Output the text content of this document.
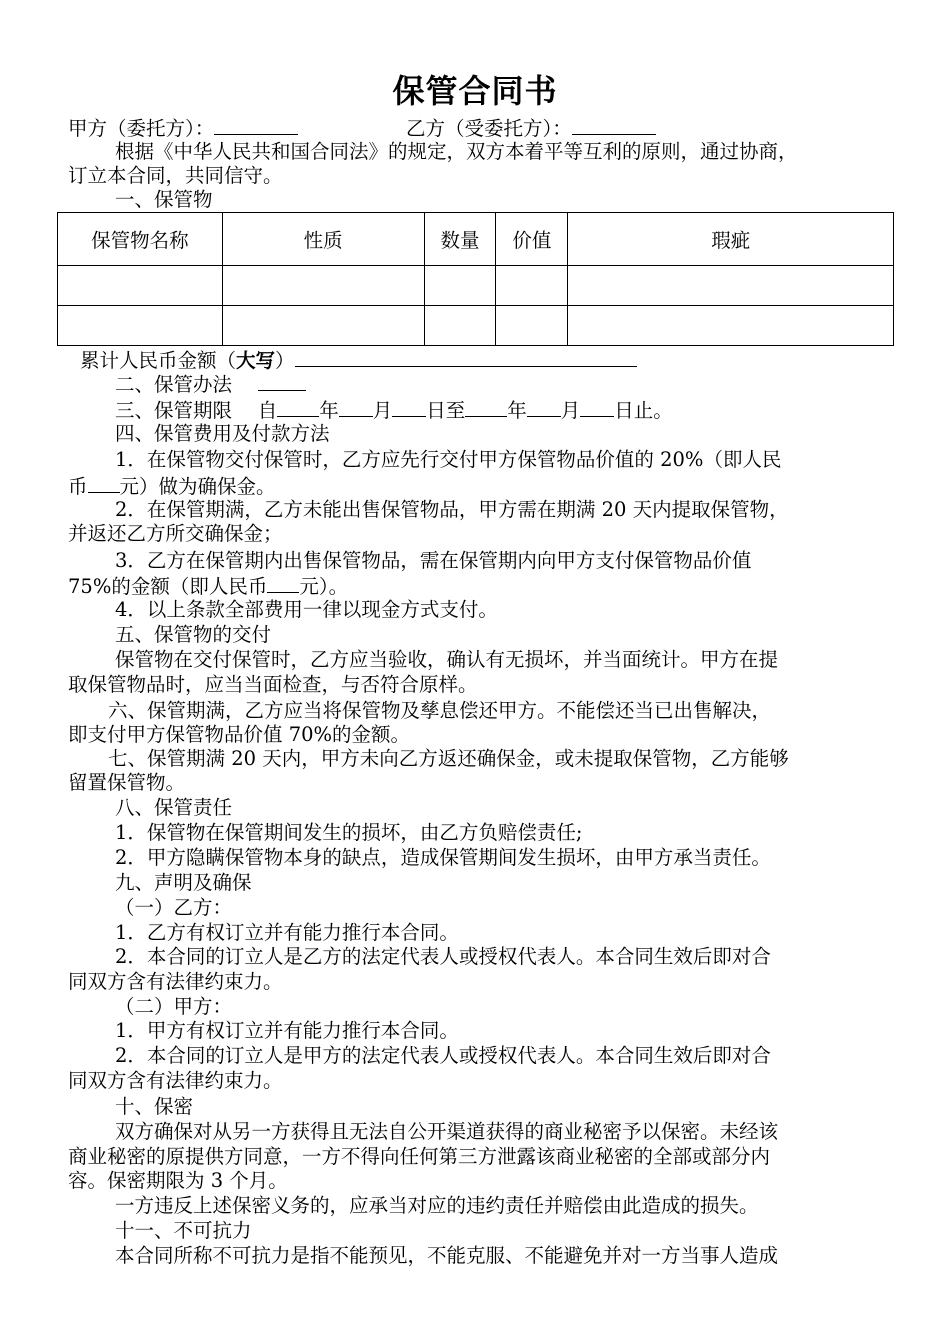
保管合同书
甲方（委托方）：	乙方（受委托方）：
根据《中华人民共和国合同法》的规定，双方本着平等互利的原则，通过协商，
订立本合同，共同信守。
一、保管物
保管物名称	性质	数量	价值	瑕疵

累计人民币金额（大写）
二、保管办法　
三、保管期限　 自 年 月 日至 年 月 日止。
四、保管费用及付款方法
1．在保管物交付保管时，乙方应先行交付甲方保管物品价值的 20%（即人民
币 元）做为确保金。
2．在保管期满，乙方未能出售保管物品，甲方需在期满 20 天内提取保管物，
并返还乙方所交确保金；
3．乙方在保管期内出售保管物品，需在保管期内向甲方支付保管物品价值
75%的金额（即人民币 元）。
4．以上条款全部费用一律以现金方式支付。
五、保管物的交付
保管物在交付保管时，乙方应当验收，确认有无损坏，并当面统计。甲方在提
取保管物品时，应当当面检查，与否符合原样。
六、保管期满，乙方应当将保管物及孳息偿还甲方。不能偿还当已出售解决，
即支付甲方保管物品价值 70%的金额。
七、保管期满 20 天内，甲方未向乙方返还确保金，或未提取保管物，乙方能够
留置保管物。
八、保管责任
1．保管物在保管期间发生的损坏，由乙方负赔偿责任;
2．甲方隐瞒保管物本身的缺点，造成保管期间发生损坏，由甲方承当责任。
九、声明及确保
（一）乙方：
1．乙方有权订立并有能力推行本合同。
2．本合同的订立人是乙方的法定代表人或授权代表人。本合同生效后即对合
同双方含有法律约束力。
（二）甲方：
1．甲方有权订立并有能力推行本合同。
2．本合同的订立人是甲方的法定代表人或授权代表人。本合同生效后即对合
同双方含有法律约束力。
十、保密
双方确保对从另一方获得且无法自公开渠道获得的商业秘密予以保密。未经该
商业秘密的原提供方同意，一方不得向任何第三方泄露该商业秘密的全部或部分内
容。保密期限为 3 个月。
一方违反上述保密义务的，应承当对应的违约责任并赔偿由此造成的损失。
十一、不可抗力
本合同所称不可抗力是指不能预见，不能克服、不能避免并对一方当事人造成
